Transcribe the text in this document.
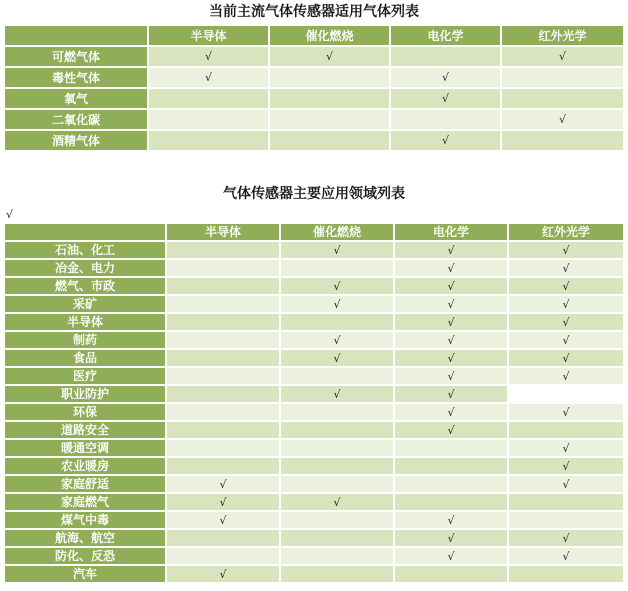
当前主流气体传感器适用气体列表
	半导体	催化燃烧	电化学	红外光学
可燃气体	√	√		√
毒性气体	√		√	
氧气			√	
二氧化碳				√
酒精气体			√	
气体传感器主要应用领域列表
√
	半导体	催化燃烧	电化学	红外光学
石油、化工		√	√	√
冶金、电力			√	√
燃气、市政		√	√	√
采矿		√	√	√
半导体			√	√
制药		√	√	√
食品		√	√	√
医疗			√	√
职业防护		√	√	
环保			√	√
道路安全			√	
暖通空调				√
农业暖房				√
家庭舒适	√			√
家庭燃气	√	√		
煤气中毒	√		√	
航海、航空			√	√
防化、反恐			√	√
汽车	√			
